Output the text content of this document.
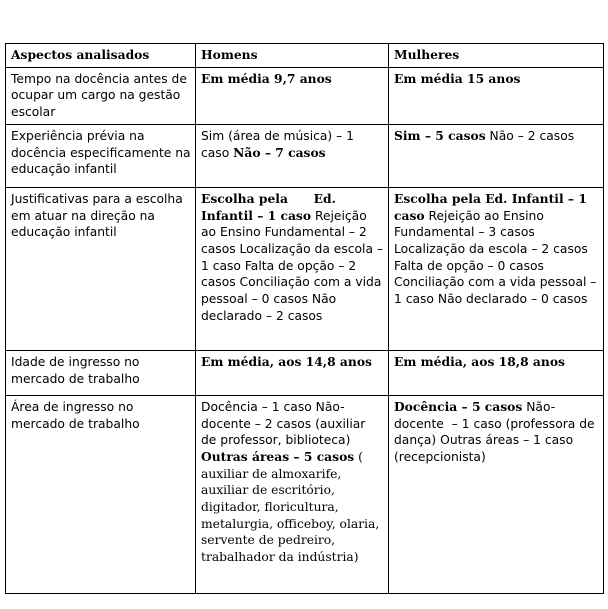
Aspectos analisados	Homens	Mulheres
Tempo na docência antes de ocupar um cargo na gestão escolar	Em média 9,7 anos	Em média 15 anos
Experiência prévia na docência especificamente na educação infantil	Sim (área de música) – 1 caso Não – 7 casos	Sim – 5 casos Não – 2 casos
Justificativas para a escolha em atuar na direção na educação infantil	Escolha pela      Ed. Infantil – 1 caso Rejeição ao Ensino Fundamental – 2 casos Localização da escola – 1 caso Falta de opção – 2 casos Conciliação com a vida pessoal – 0 casos Não declarado – 2 casos	Escolha pela Ed. Infantil – 1 caso Rejeição ao Ensino Fundamental – 3 casos Localização da escola – 2 casos Falta de opção – 0 casos Conciliação com a vida pessoal – 1 caso Não declarado – 0 casos
Idade de ingresso no mercado de trabalho	Em média, aos 14,8 anos	Em média, aos 18,8 anos
Área de ingresso no mercado de trabalho	Docência – 1 caso Não-docente – 2 casos (auxiliar de professor, biblioteca) Outras áreas – 5 casos ( auxiliar de almoxarife, auxiliar de escritório, digitador, floricultura,  metalurgia, officeboy, olaria, servente de pedreiro, trabalhador da indústria)	Docência – 5 casos Não-docente  – 1 caso (professora de dança) Outras áreas – 1 caso (recepcionista)
